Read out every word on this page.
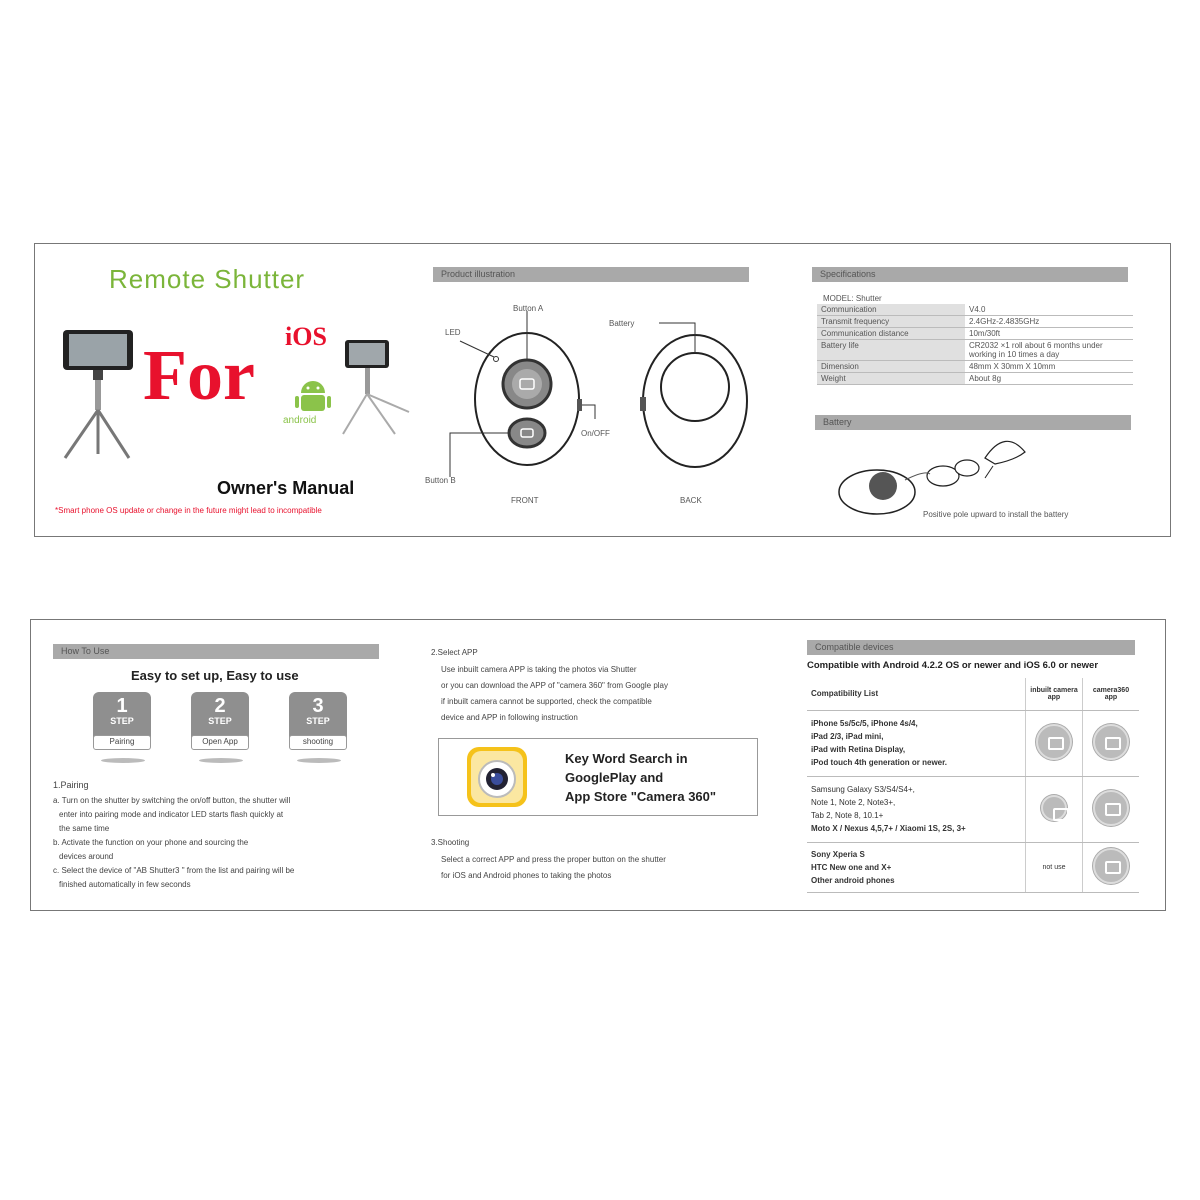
Remote Shutter
For iOS
android
Owner's Manual
*Smart phone OS update or change in the future might lead to incompatible
Product illustration
Button A
LED
On/OFF
Button B
FRONT
Battery
BACK
Specifications
MODEL: Shutter
Communication	V4.0
Transmit frequency	2.4GHz-2.4835GHz
Communication distance	10m/30ft
Battery life	CR2032 ×1 roll about 6 months under working in 10 times a day
Dimension	48mm X 30mm X 10mm
Weight	About 8g
Battery
Positive pole upward to install the battery
How To Use
Easy to set up, Easy to use
1
STEP
Pairing
2
STEP
Open App
3
STEP
shooting
1.Pairing
a. Turn on the shutter by switching the on/off button, the shutter will
enter into pairing mode and indicator LED starts flash quickly at
the same time
b. Activate the function on your phone and sourcing the
devices around
c. Select the device of "AB Shutter3 " from the list and pairing will be
finished automatically in few seconds
2.Select APP
Use inbuilt camera APP is taking the photos via Shutter
or you can download the APP of "camera 360" from Google play
if inbuilt camera cannot be supported, check the compatible
device and APP in following instruction
Key Word Search in
GooglePlay and
App Store "Camera 360"
3.Shooting
Select a correct APP and press the proper button on the shutter
for iOS and Android phones to taking the photos
Compatible devices
Compatible with Android 4.2.2 OS or newer and iOS 6.0 or newer
Compatibility List	inbuilt camera app	camera360 app

iPhone 5s/5c/5, iPhone 4s/4,
iPad 2/3, iPad mini,
iPad with Retina Display,
iPod touch 4th generation or newer.		

Samsung Galaxy S3/S4/S4+,
Note 1, Note 2, Note3+,
Tab 2, Note 8, 10.1+
Moto X / Nexus 4,5,7+ / Xiaomi 1S, 2S, 3+		

Sony Xperia S
HTC New one and X+
Other android phones	not use	
